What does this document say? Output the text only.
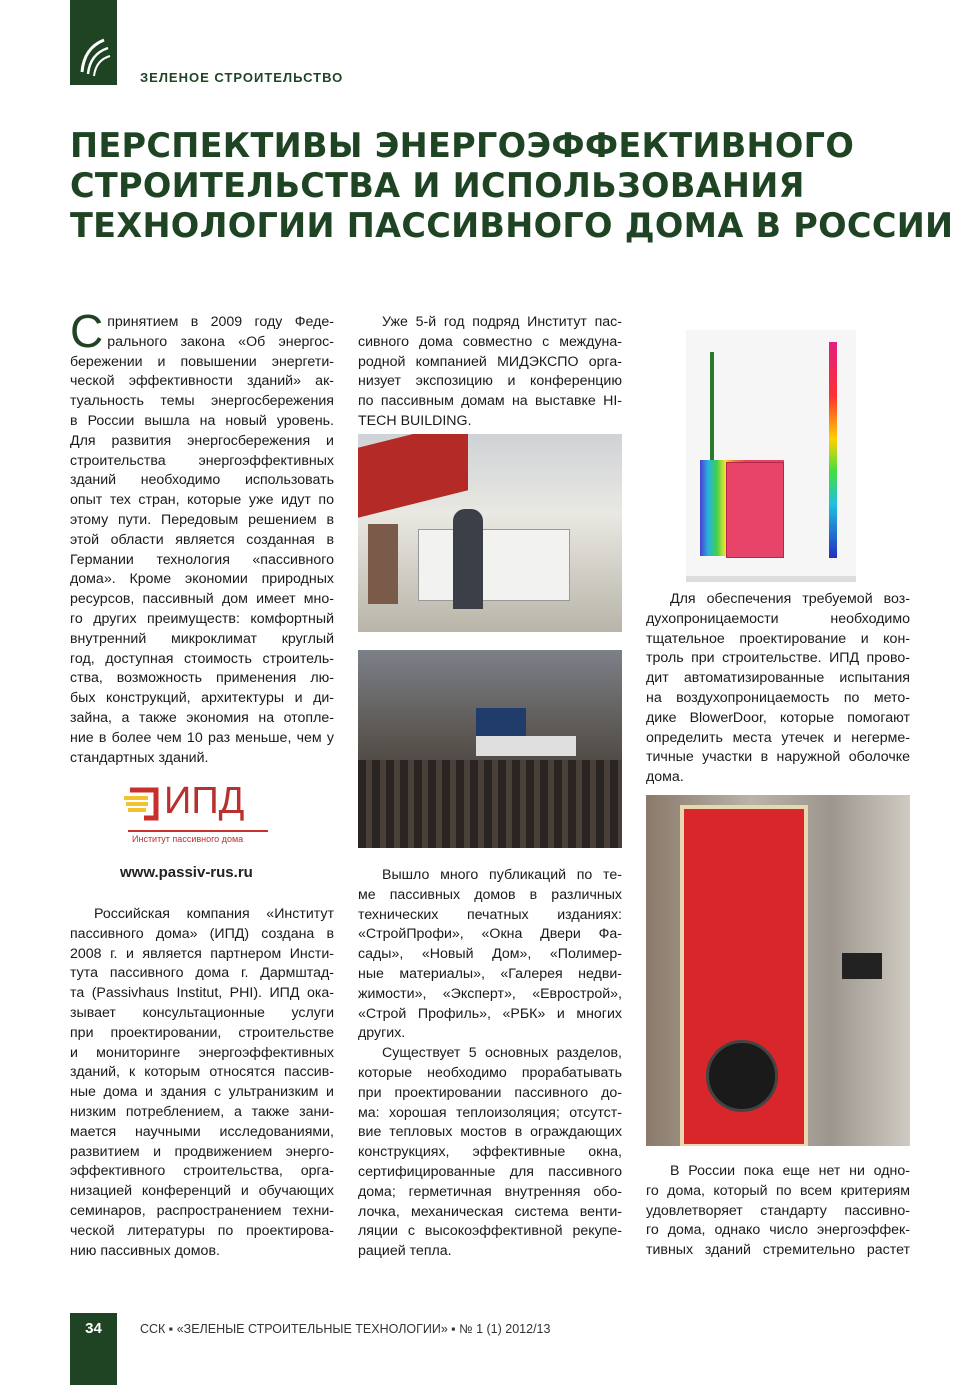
ЗЕЛЕНОЕ СТРОИТЕЛЬСТВО
ПЕРСПЕКТИВЫ ЭНЕРГОЭФФЕКТИВНОГО
СТРОИТЕЛЬСТВА И ИСПОЛЬЗОВАНИЯ
ТЕХНОЛОГИИ ПАССИВНОГО ДОМА В РОССИИ
С принятием в 2009 году Феде-
рального закона «Об энергос-
бережении и повышении энергети-
ческой эффективности зданий» ак-
туальность темы энергосбережения
в России вышла на новый уровень.
Для развития энергосбережения и
строительства энергоэффективных
зданий необходимо использовать
опыт тех стран, которые уже идут по
этому пути. Передовым решением в
этой области является созданная в
Германии технология «пассивного
дома». Кроме экономии природных
ресурсов, пассивный дом имеет мно-
го других преимуществ: комфортный
внутренний микроклимат круглый
год, доступная стоимость строитель-
ства, возможность применения лю-
бых конструкций, архитектуры и ди-
зайна, а также экономия на отопле-
ние в более чем 10 раз меньше, чем у
стандартных зданий.
ИПД
Институт пассивного дома
www.passiv-rus.ru
Российская компания «Институт
пассивного дома» (ИПД) создана в
2008 г. и является партнером Инсти-
тута пассивного дома г. Дармштад-
та (Passivhaus Institut, PHI). ИПД ока-
зывает консультационные услуги
при проектировании, строительстве
и мониторинге энергоэффективных
зданий, к которым относятся пассив-
ные дома и здания с ультранизким и
низким потреблением, а также зани-
мается научными исследованиями,
развитием и продвижением энерго-
эффективного строительства, орга-
низацией конференций и обучающих
семинаров, распространением техни-
ческой литературы по проектирова-
нию пассивных домов.
Уже 5-й год подряд Институт пас-
сивного дома совместно с междуна-
родной компанией МИДЭКСПО орга-
низует экспозицию и конференцию
по пассивным домам на выставке HI-
TECH BUILDING.
Вышло много публикаций по те-
ме пассивных домов в различных
технических печатных изданиях:
«СтройПрофи», «Окна Двери Фа-
сады», «Новый Дом», «Полимер-
ные материалы», «Галерея недви-
жимости», «Эксперт», «Еврострой»,
«Строй Профиль», «РБК» и многих
других.
Существует 5 основных разделов,
которые необходимо прорабатывать
при проектировании пассивного до-
ма: хорошая теплоизоляция; отсутст-
вие тепловых мостов в ограждающих
конструкциях, эффективные окна,
сертифицированные для пассивного
дома; герметичная внутренняя обо-
лочка, механическая система венти-
ляции с высокоэффективной рекупе-
рацией тепла.
Для обеспечения требуемой воз-
духопроницаемости необходимо
тщательное проектирование и кон-
троль при строительстве. ИПД прово-
дит автоматизированные испытания
на воздухопроницаемость по мето-
дике BlowerDoor, которые помогают
определить места утечек и негерме-
тичные участки в наружной оболочке
дома.
В России пока еще нет ни одно-
го дома, который по всем критериям
удовлетворяет стандарту пассивно-
го дома, однако число энергоэффек-
тивных зданий стремительно растет
34	ССК ▪ «ЗЕЛЕНЫЕ СТРОИТЕЛЬНЫЕ ТЕХНОЛОГИИ» ▪ № 1 (1) 2012/13
